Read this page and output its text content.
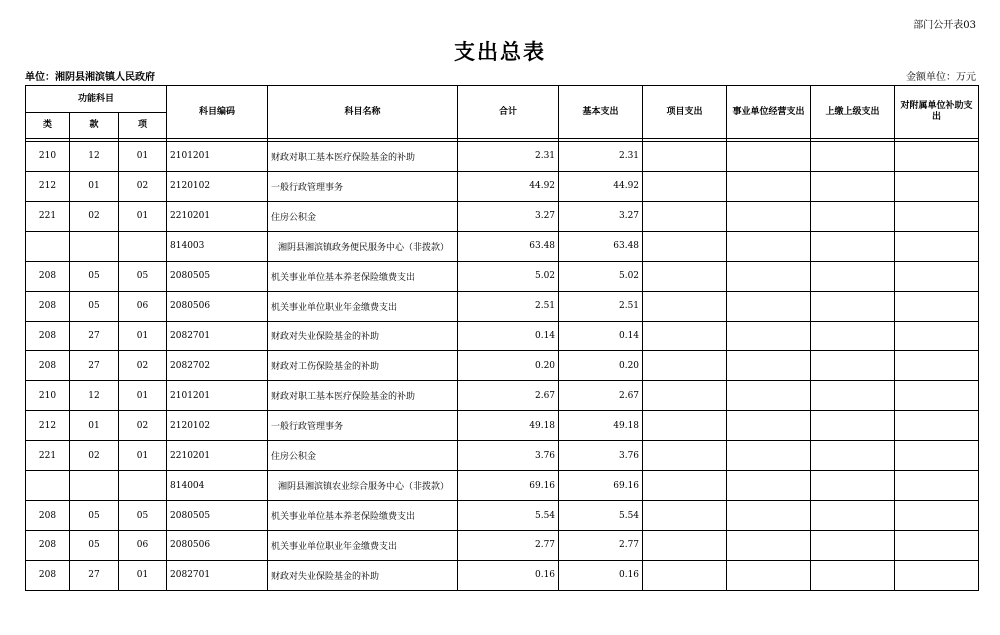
部门公开表03
支出总表
单位：湘阴县湘滨镇人民政府	金额单位：万元
功能科目			科目编码	科目名称	合计	基本支出	项目支出	事业单位经营支出	上缴上级支出	对附属单位补助支出
类	款	项								

210	12	01	2101201	财政对职工基本医疗保险基金的补助	2.31	2.31				
212	01	02	2120102	一般行政管理事务	44.92	44.92				
221	02	01	2210201	住房公积金	3.27	3.27				
			814003	湘阴县湘滨镇政务便民服务中心（非拨款）	63.48	63.48				
208	05	05	2080505	机关事业单位基本养老保险缴费支出	5.02	5.02				
208	05	06	2080506	机关事业单位职业年金缴费支出	2.51	2.51				
208	27	01	2082701	财政对失业保险基金的补助	0.14	0.14				
208	27	02	2082702	财政对工伤保险基金的补助	0.20	0.20				
210	12	01	2101201	财政对职工基本医疗保险基金的补助	2.67	2.67				
212	01	02	2120102	一般行政管理事务	49.18	49.18				
221	02	01	2210201	住房公积金	3.76	3.76				
			814004	湘阴县湘滨镇农业综合服务中心（非拨款）	69.16	69.16				
208	05	05	2080505	机关事业单位基本养老保险缴费支出	5.54	5.54				
208	05	06	2080506	机关事业单位职业年金缴费支出	2.77	2.77				
208	27	01	2082701	财政对失业保险基金的补助	0.16	0.16				
